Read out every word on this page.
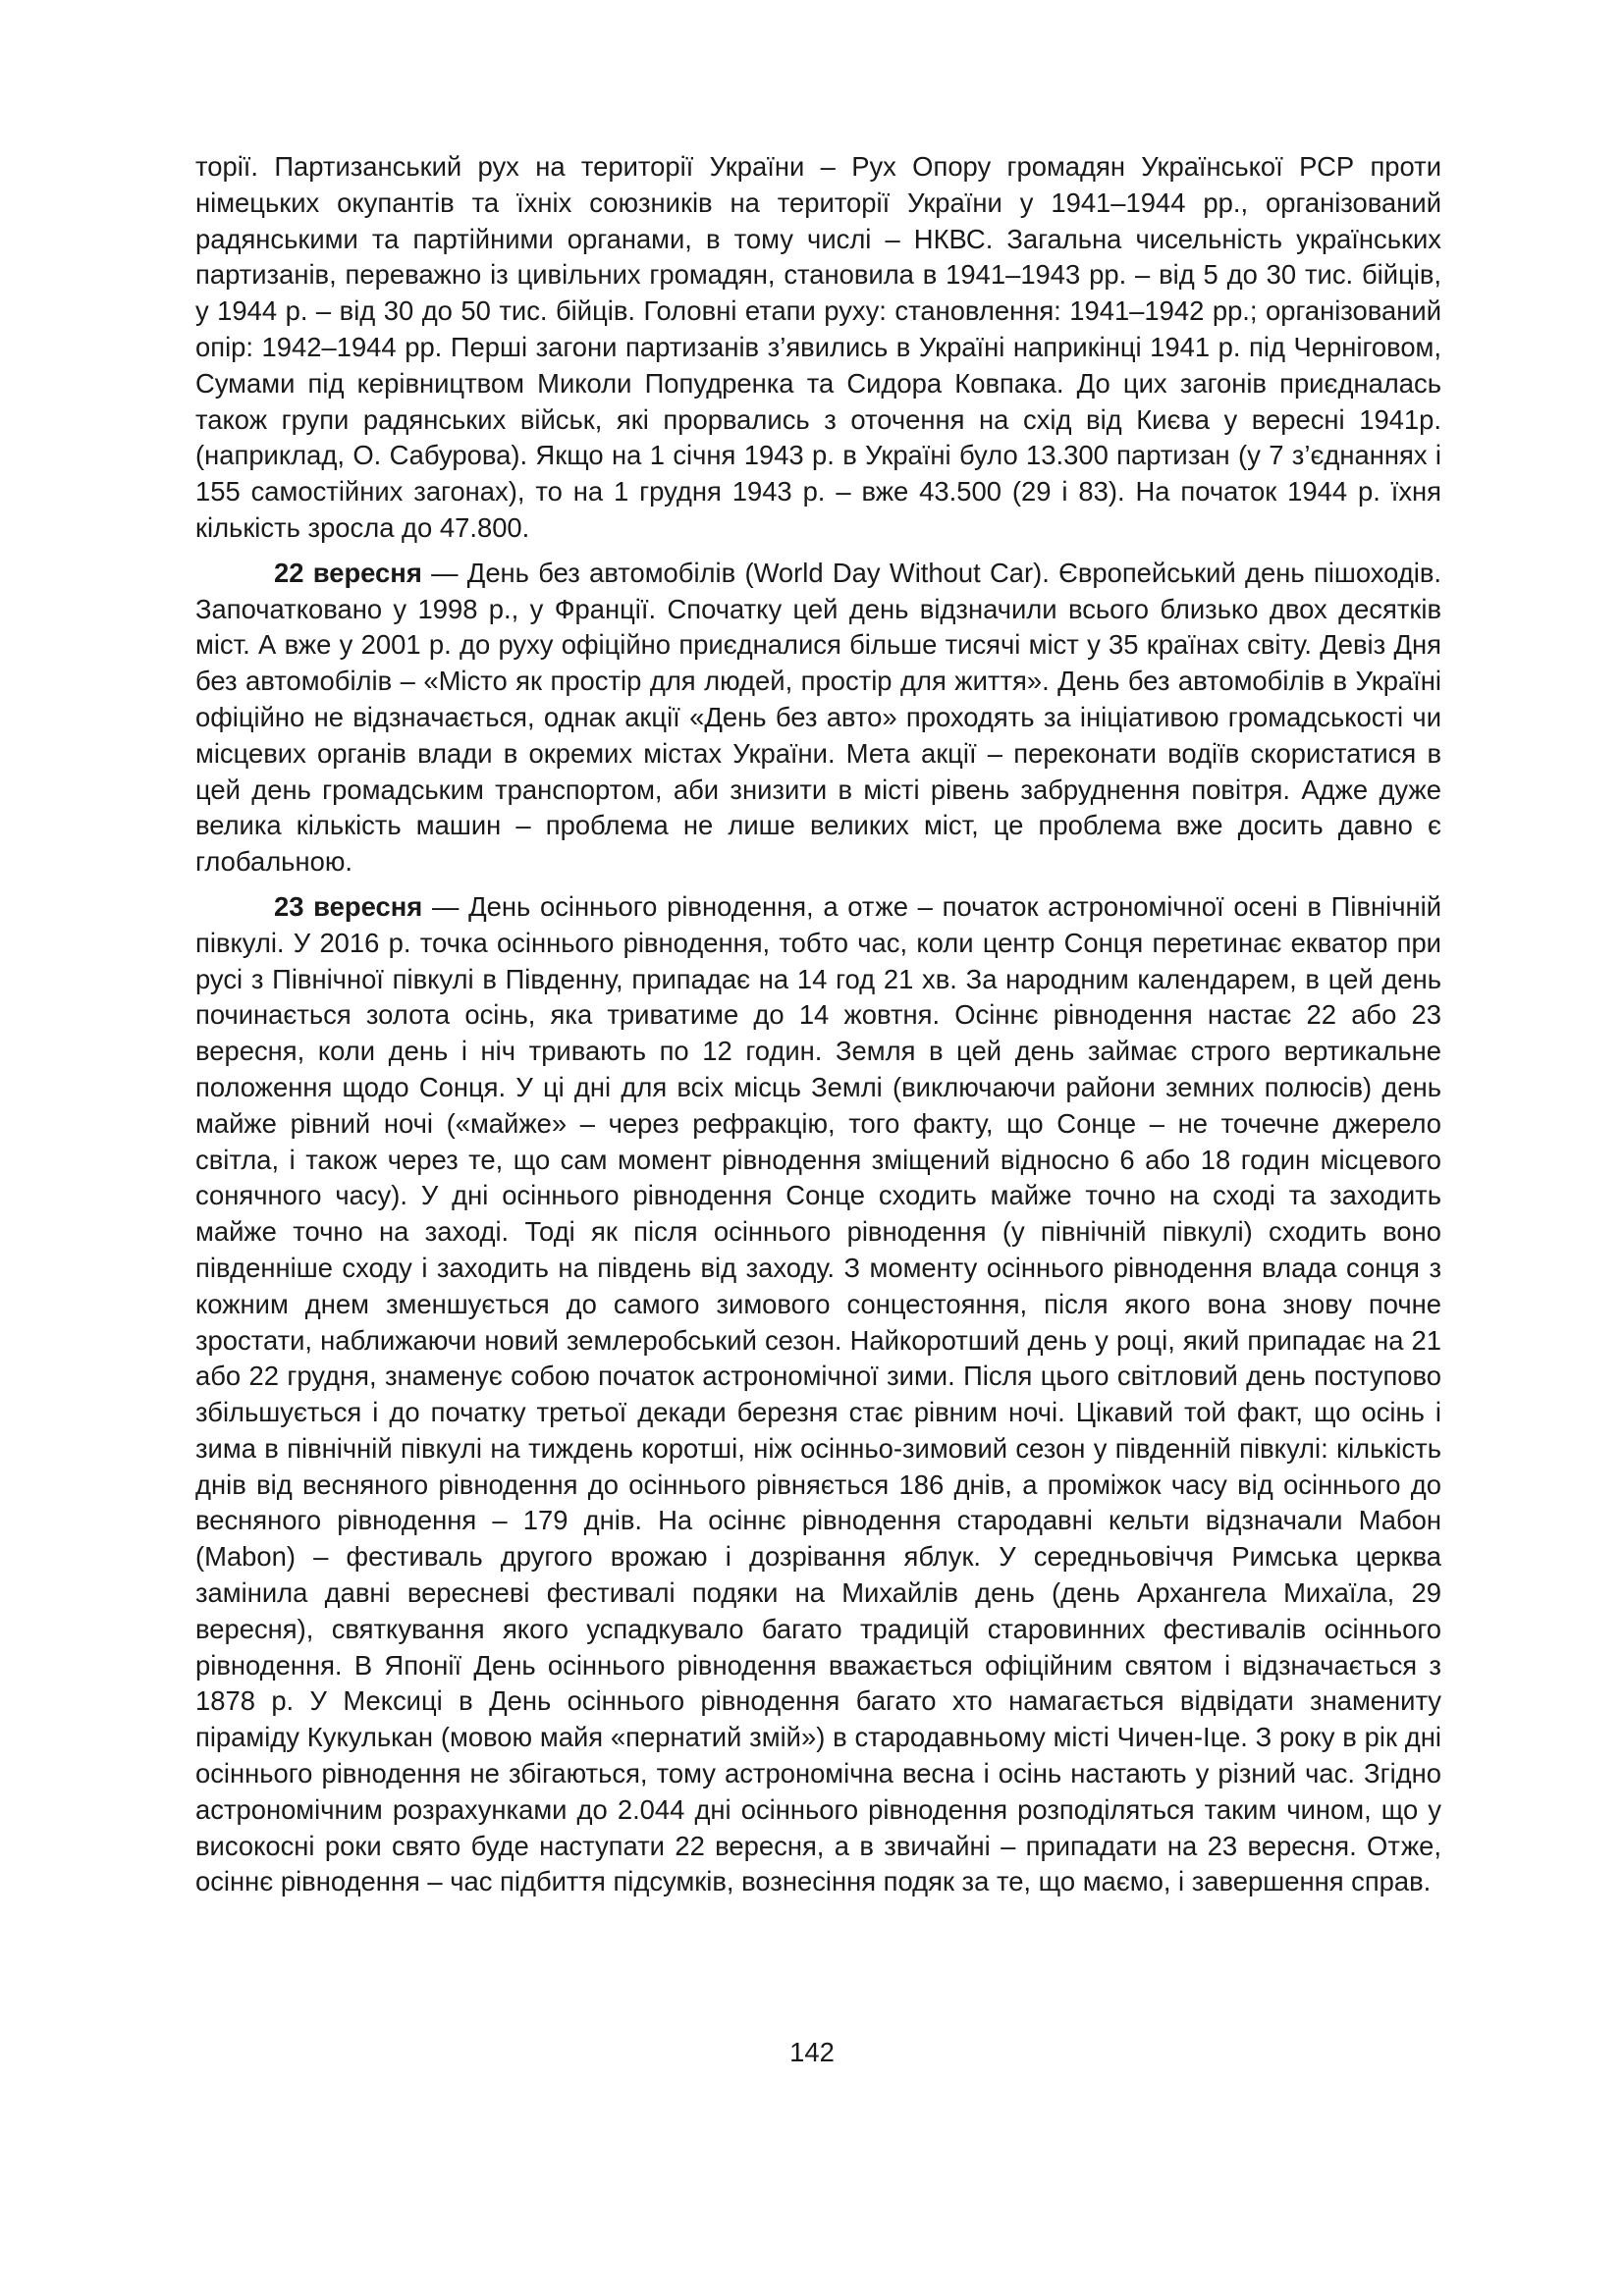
торії. Партизанський рух на території України – Рух Опору громадян Української РСР проти німецьких окупантів та їхніх союзників на території України у 1941–1944 рр., організований радянськими та партійними органами, в тому числі – НКВС. Загальна чисельність українських партизанів, переважно із цивільних громадян, становила в 1941–1943 рр. – від 5 до 30 тис. бійців, у 1944 р. – від 30 до 50 тис. бійців. Головні етапи руху: становлення: 1941–1942 рр.; організований опір: 1942–1944 рр. Перші загони партизанів з’явились в Україні наприкінці 1941 р. під Черніговом, Сумами під керівництвом Миколи Попудренка та Сидора Ковпака. До цих загонів приєдналась також групи радянських військ, які прорвались з оточення на схід від Києва у вересні 1941р. (наприклад, О. Сабурова). Якщо на 1 січня 1943 р. в Україні було 13.300 партизан (у 7 з’єднаннях і 155 самостійних загонах), то на 1 грудня 1943 р. – вже 43.500 (29 і 83). На початок 1944 р. їхня кількість зросла до 47.800.

22 вересня — День без автомобілів (World Day Without Car). Європейський день пішоходів. Започатковано у 1998 р., у Франції. Спочатку цей день відзначили всього близько двох десятків міст. А вже у 2001 р. до руху офіційно приєдналися більше тисячі міст у 35 країнах світу. Девіз Дня без автомобілів – «Місто як простір для людей, простір для життя». День без автомобілів в Україні офіційно не відзначається, однак акції «День без авто» проходять за ініціативою громадськості чи місцевих органів влади в окремих містах України. Мета акції – переконати водіїв скористатися в цей день громадським транспортом, аби знизити в місті рівень забруднення повітря. Адже дуже велика кількість машин – проблема не лише великих міст, це проблема вже досить давно є глобальною.

23 вересня — День осіннього рівнодення, а отже – початок астрономічної осені в Північній півкулі. У 2016 р. точка осіннього рівнодення, тобто час, коли центр Сонця перетинає екватор при русі з Північної півкулі в Південну, припадає на 14 год 21 хв. За народним календарем, в цей день починається золота осінь, яка триватиме до 14 жовтня. Осіннє рівнодення настає 22 або 23 вересня, коли день і ніч тривають по 12 годин. Земля в цей день займає строго вертикальне положення щодо Сонця. У ці дні для всіх місць Землі (виключаючи райони земних полюсів) день майже рівний ночі («майже» – через рефракцію, того факту, що Сонце – не точечне джерело світла, і також через те, що сам момент рівнодення зміщений відносно 6 або 18 годин місцевого сонячного часу). У дні осіннього рівнодення Сонце сходить майже точно на сході та заходить майже точно на заході. Тоді як після осіннього рівнодення (у північній півкулі) сходить воно південніше сходу і заходить на південь від заходу. З моменту осіннього рівнодення влада сонця з кожним днем зменшується до самого зимового сонцестояння, після якого вона знову почне зростати, наближаючи новий землеробський сезон. Найкоротший день у році, який припадає на 21 або 22 грудня, знаменує собою початок астрономічної зими. Після цього світловий день поступово збільшується і до початку третьої декади березня стає рівним ночі. Цікавий той факт, що осінь і зима в північній півкулі на тиждень коротші, ніж осінньо-зимовий сезон у південній півкулі: кількість днів від весняного рівнодення до осіннього рівняється 186 днів, а проміжок часу від осіннього до весняного рівнодення – 179 днів. На осіннє рівнодення стародавні кельти відзначали Мабон (Mabon) – фестиваль другого врожаю і дозрівання яблук. У середньовіччя Римська церква замінила давні вересневі фестивалі подяки на Михайлів день (день Архангела Михаїла, 29 вересня), святкування якого успадкувало багато традицій старовинних фестивалів осіннього рівнодення. В Японії День осіннього рівнодення вважається офіційним святом і відзначається з 1878 р. У Мексиці в День осіннього рівнодення багато хто намагається відвідати знамениту піраміду Кукулькан (мовою майя «пернатий змій») в стародавньому місті Чичен-Іце. З року в рік дні осіннього рівнодення не збігаються, тому астрономічна весна і осінь настають у різний час. Згідно астрономічним розрахунками до 2.044 дні осіннього рівнодення розподіляться таким чином, що у високосні роки свято буде наступати 22 вересня, а в звичайні – припадати на 23 вересня. Отже, осіннє рівнодення – час підбиття підсумків, вознесіння подяк за те, що маємо, і завершення справ.

142
